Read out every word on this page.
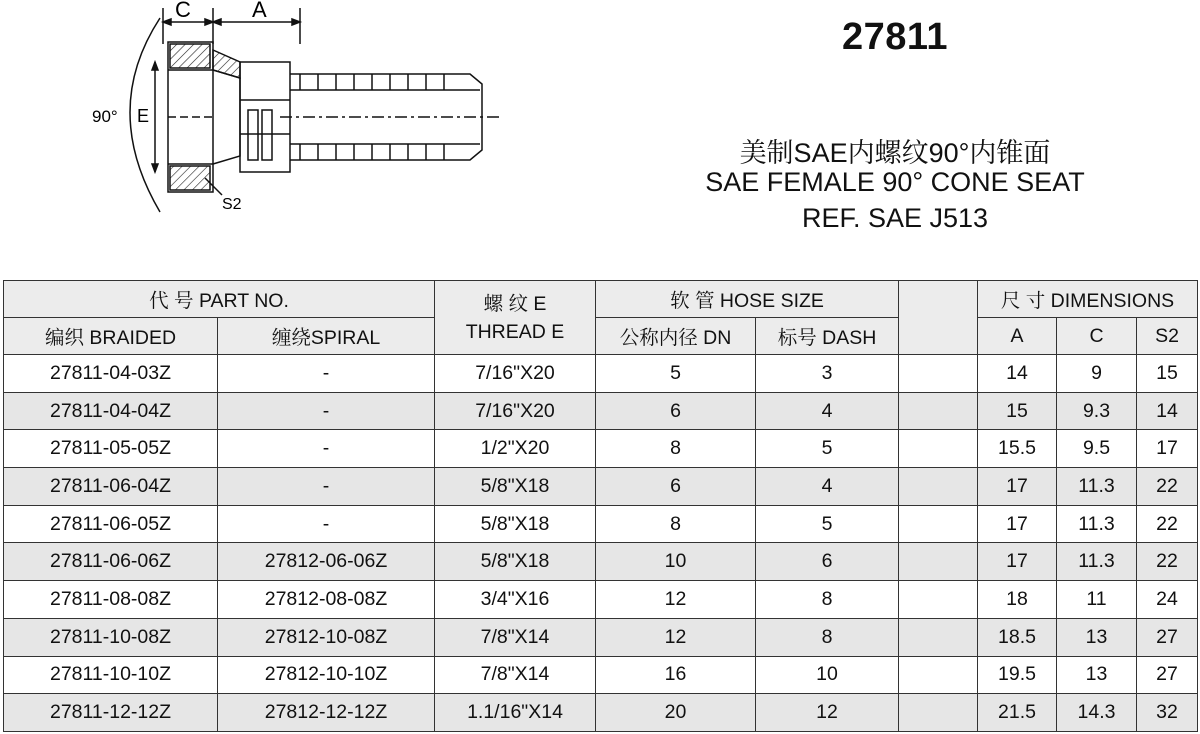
C	A
90° E
S2
27811
美制SAE内螺纹90°内锥面
SAE FEMALE 90° CONE SEAT
REF. SAE J513
代 号 PART NO.		螺 纹 E
THREAD E	软 管 HOSE SIZE			尺 寸 DIMENSIONS		
编织 BRAIDED	缠绕SPIRAL		公称内径 DN	标号 DASH		A	C	S2
27811-04-03Z	-	7/16"X20	5	3		14	9	15
27811-04-04Z	-	7/16"X20	6	4		15	9.3	14
27811-05-05Z	-	1/2"X20	8	5		15.5	9.5	17
27811-06-04Z	-	5/8"X18	6	4		17	11.3	22
27811-06-05Z	-	5/8"X18	8	5		17	11.3	22
27811-06-06Z	27812-06-06Z	5/8"X18	10	6		17	11.3	22
27811-08-08Z	27812-08-08Z	3/4"X16	12	8		18	11	24
27811-10-08Z	27812-10-08Z	7/8"X14	12	8		18.5	13	27
27811-10-10Z	27812-10-10Z	7/8"X14	16	10		19.5	13	27
27811-12-12Z	27812-12-12Z	1.1/16"X14	20	12		21.5	14.3	32
